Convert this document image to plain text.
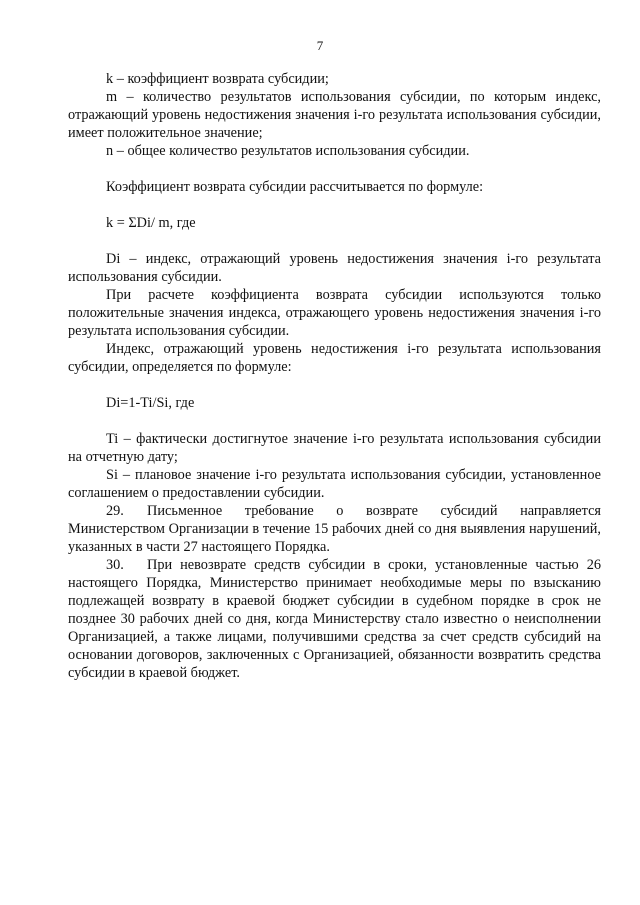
7

k – коэффициент возврата субсидии;

m – количество результатов использования субсидии, по которым индекс, отражающий уровень недостижения значения i-го результата использования субсидии, имеет положительное значение;

n – общее количество результатов использования субсидии.

Коэффициент возврата субсидии рассчитывается по формуле:

k = ΣDi/ m, где

Di – индекс, отражающий уровень недостижения значения i-го результата использования субсидии.

При расчете коэффициента возврата субсидии используются только положительные значения индекса, отражающего уровень недостижения значения i-го результата использования субсидии.

Индекс, отражающий уровень недостижения i-го результата использования субсидии, определяется по формуле:

Di=1-Ti/Si, где

Ti – фактически достигнутое значение i-го результата использования субсидии на отчетную дату;

Si – плановое значение i-го результата использования субсидии, установленное соглашением о предоставлении субсидии.

29. Письменное требование о возврате субсидий направляется Министерством Организации в течение 15 рабочих дней со дня выявления нарушений, указанных в части 27 настоящего Порядка.

30. При невозврате средств субсидии в сроки, установленные частью 26 настоящего Порядка, Министерство принимает необходимые меры по взысканию подлежащей возврату в краевой бюджет субсидии в судебном порядке в срок не позднее 30 рабочих дней со дня, когда Министерству стало известно о неисполнении Организацией, а также лицами, получившими средства за счет средств субсидий на основании договоров, заключенных с Организацией, обязанности возвратить средства субсидии в краевой бюджет.
